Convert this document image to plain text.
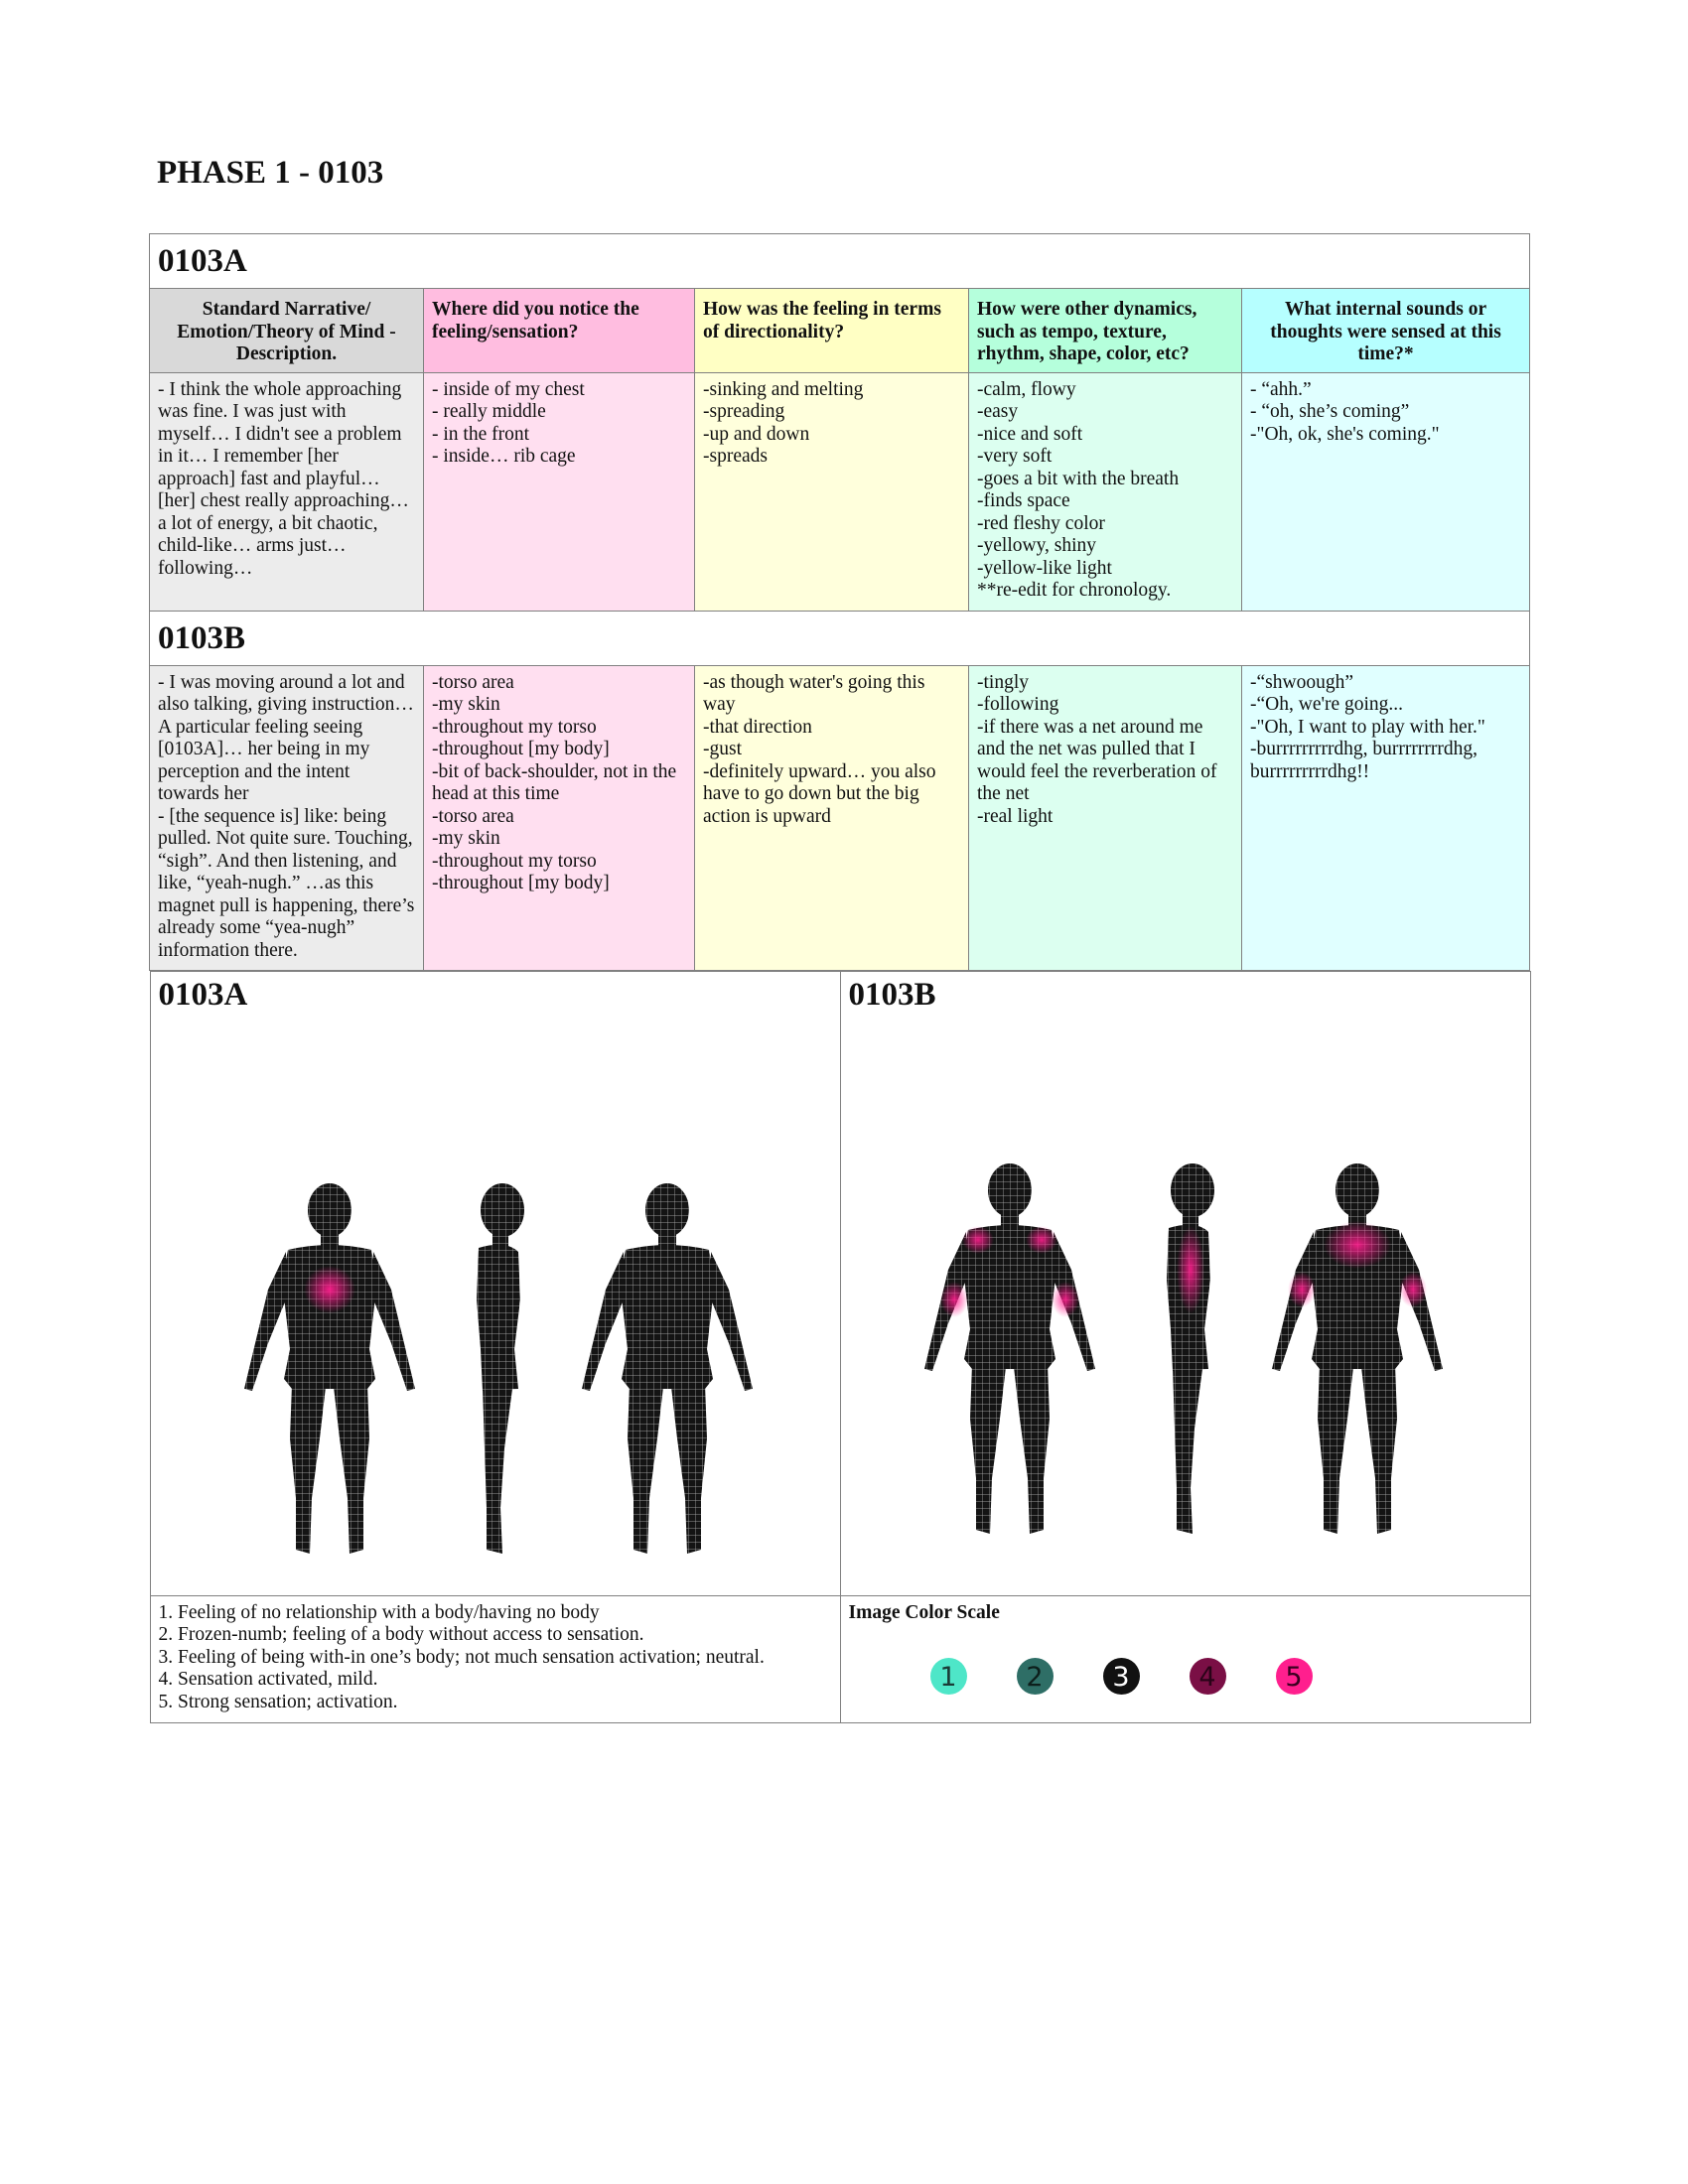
PHASE 1 - 0103
0103A
Standard Narrative/ Emotion/Theory of Mind - Description.	Where did you notice the feeling/sensation?	How was the feeling in terms of directionality?	How were other dynamics, such as tempo, texture, rhythm, shape, color, etc?	What internal sounds or thoughts were sensed at this time?*

- I think the whole approaching was fine. I was just with myself… I didn't see a problem in it… I remember [her approach] fast and playful…[her] chest really approaching… a lot of energy, a bit chaotic, child-like… arms just… following…

- inside of my chest
- really middle
- in the front
- inside… rib cage

-sinking and melting
-spreading
-up and down
-spreads

-calm, flowy
-easy
-nice and soft
-very soft
-goes a bit with the breath
-finds space
-red fleshy color
-yellowy, shiny
-yellow-like light
**re-edit for chronology.

- “ahh.”
- “oh, she’s coming”
-"Oh, ok, she's coming."

0103B

- I was moving around a lot and also talking, giving instruction… A particular feeling seeing [0103A]… her being in my perception and the intent towards her
- [the sequence is] like: being pulled. Not quite sure. Touching, “sigh”. And then listening, and like, “yeah-nugh.” …as this magnet pull is happening, there’s already some “yea-nugh” information there.

-torso area
-my skin
-throughout my torso
-throughout [my body]
-bit of back-shoulder, not in the head at this time
-torso area
-my skin
-throughout my torso
-throughout [my body]

-as though water's going this way
-that direction
-gust
-definitely upward… you also have to go down but the big action is upward

-tingly
-following
-if there was a net around me and the net was pulled that I would feel the reverberation of the net
-real light

-“shwoough”
-“Oh, we're going...
-"Oh, I want to play with her."
-burrrrrrrrrdhg, burrrrrrrrdhg, burrrrrrrrrdhg!!

0103A	0103B

1. Feeling of no relationship with a body/having no body
2. Frozen-numb; feeling of a body without access to sensation.
3. Feeling of being with-in one’s body; not much sensation activation; neutral.
4. Sensation activated, mild.
5. Strong sensation; activation.

Image Color Scale
1	2	3	4	5
